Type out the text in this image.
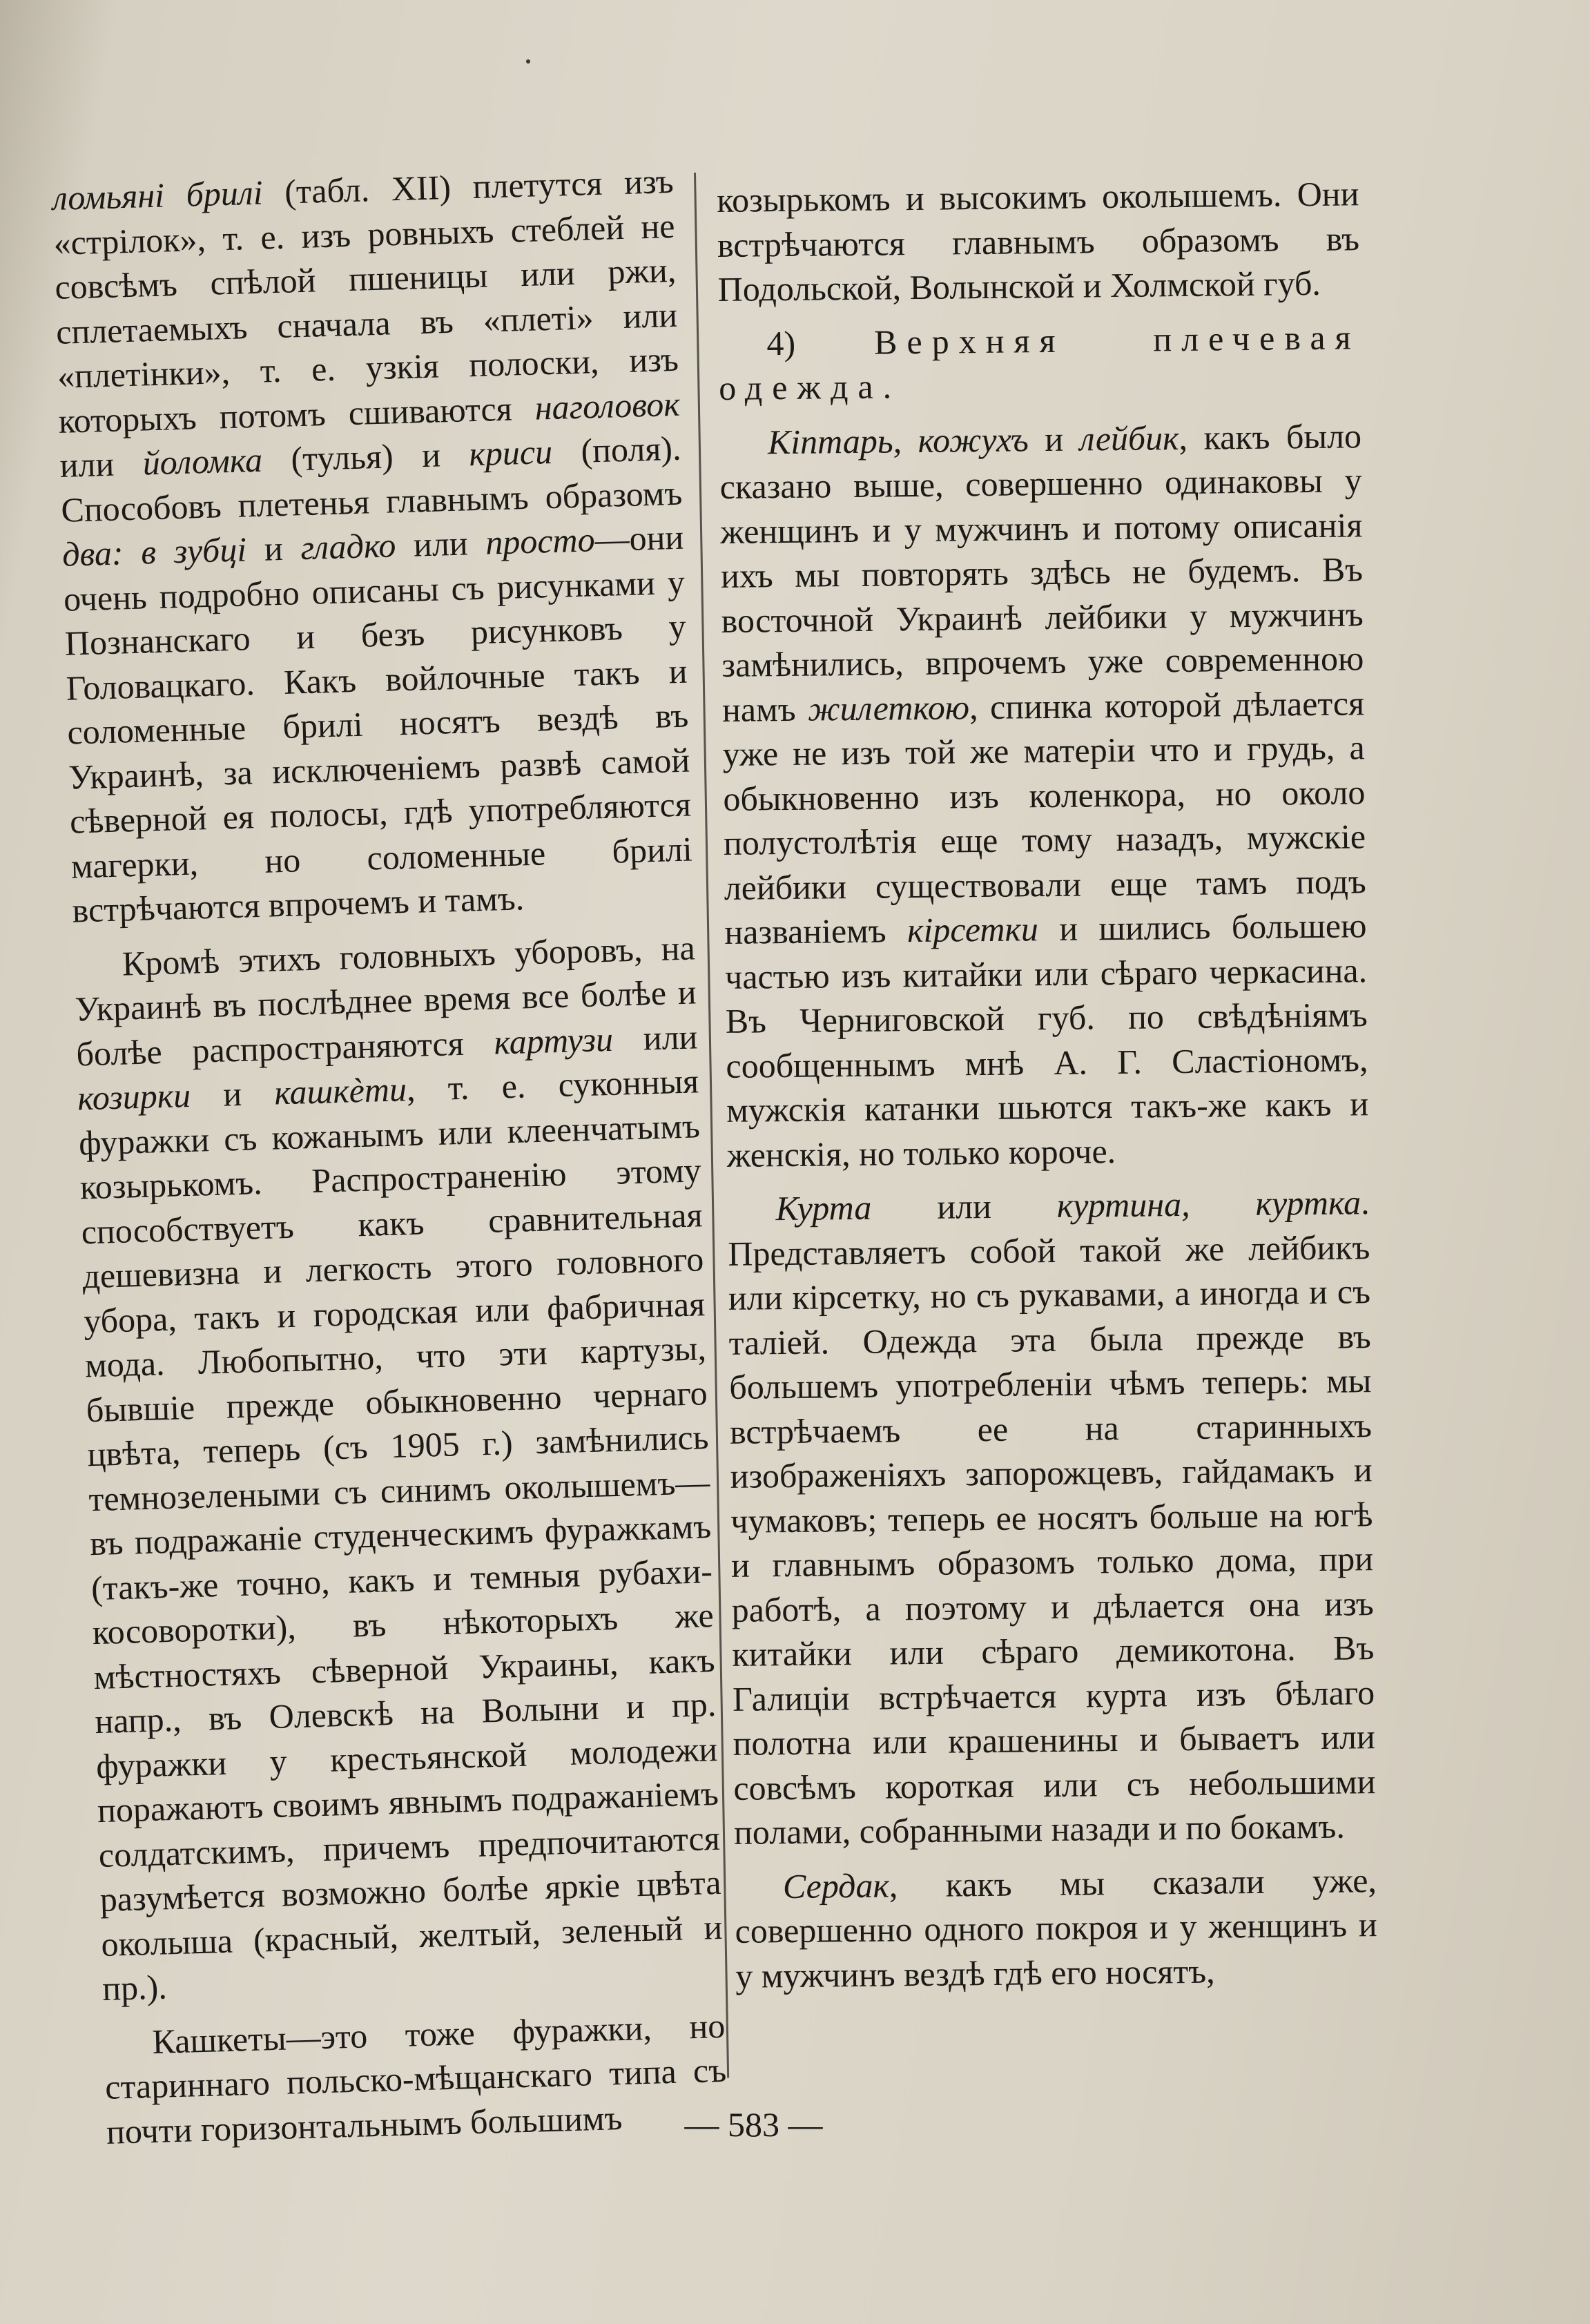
ломьяні брилі (табл. XII) плетутся изъ «стрілок», т. е. изъ ровныхъ стеблей не совсѣмъ спѣлой пшеницы или ржи, сплетаемыхъ сначала въ «плеті» или «плетінки», т. е. узкія полоски, изъ которыхъ потомъ сшиваются наголовок или йоломка (тулья) и криси (поля). Способовъ плетенья главнымъ образомъ два: в зубці и гладко или просто—они очень подробно описаны съ рисунками у Познанскаго и безъ рисунковъ у Головацкаго. Какъ войлочные такъ и соломенные брилі носятъ вездѣ въ Украинѣ, за исключеніемъ развѣ самой сѣверной ея полосы, гдѣ употребляются магерки, но соломенные брилі встрѣчаются впрочемъ и тамъ.

Кромѣ этихъ головныхъ уборовъ, на Украинѣ въ послѣднее время все болѣе и болѣе распространяются картузи или козирки и кашкѐти, т. е. суконныя фуражки съ кожанымъ или клеенчатымъ козырькомъ. Распространенію этому способствуетъ какъ сравнительная дешевизна и легкость этого головного убора, такъ и городская или фабричная мода. Любопытно, что эти картузы, бывшіе прежде обыкновенно чернаго цвѣта, теперь (съ 1905 г.) замѣнились темнозелеными съ синимъ околышемъ—въ подражаніе студенческимъ фуражкамъ (такъ-же точно, какъ и темныя рубахи-косоворотки), въ нѣкоторыхъ же мѣстностяхъ сѣверной Украины, какъ напр., въ Олевскѣ на Волыни и пр. фуражки у крестьянской молодежи поражаютъ своимъ явнымъ подражаніемъ солдатскимъ, причемъ предпочитаются разумѣется возможно болѣе яркіе цвѣта околыша (красный, желтый, зеленый и пр.).

Кашкеты—это тоже фуражки, но стариннаго польско-мѣщанскаго типа съ почти горизонтальнымъ большимъ

козырькомъ и высокимъ околышемъ. Они встрѣчаются главнымъ образомъ въ Подольской, Волынской и Холмской губ.

4) Верхняя плечевая одежда.

Кіптарь, кожухъ и лейбик, какъ было сказано выше, совершенно одинаковы у женщинъ и у мужчинъ и потому описанія ихъ мы повторять здѣсь не будемъ. Въ восточной Украинѣ лейбики у мужчинъ замѣнились, впрочемъ уже современною намъ жилеткою, спинка которой дѣлается уже не изъ той же матеріи что и грудь, а обыкновенно изъ коленкора, но около полустолѣтія еще тому назадъ, мужскіе лейбики существовали еще тамъ подъ названіемъ кірсетки и шились большею частью изъ китайки или сѣраго черкасина. Въ Черниговской губ. по свѣдѣніямъ сообщеннымъ мнѣ А. Г. Сластіономъ, мужскія катанки шьются такъ-же какъ и женскія, но только короче.

Курта или куртина, куртка. Представляетъ собой такой же лейбикъ или кірсетку, но съ рукавами, а иногда и съ таліей. Одежда эта была прежде въ большемъ употребленіи чѣмъ теперь: мы встрѣчаемъ ее на старинныхъ изображеніяхъ запорожцевъ, гайдамакъ и чумаковъ; теперь ее носятъ больше на югѣ и главнымъ образомъ только дома, при работѣ, а поэтому и дѣлается она изъ китайки или сѣраго демикотона. Въ Галиціи встрѣчается курта изъ бѣлаго полотна или крашенины и бываетъ или совсѣмъ короткая или съ небольшими полами, собранными назади и по бокамъ.

Сердак, какъ мы сказали уже, совершенно одного покроя и у женщинъ и у мужчинъ вездѣ гдѣ его носятъ,

— 583 —
